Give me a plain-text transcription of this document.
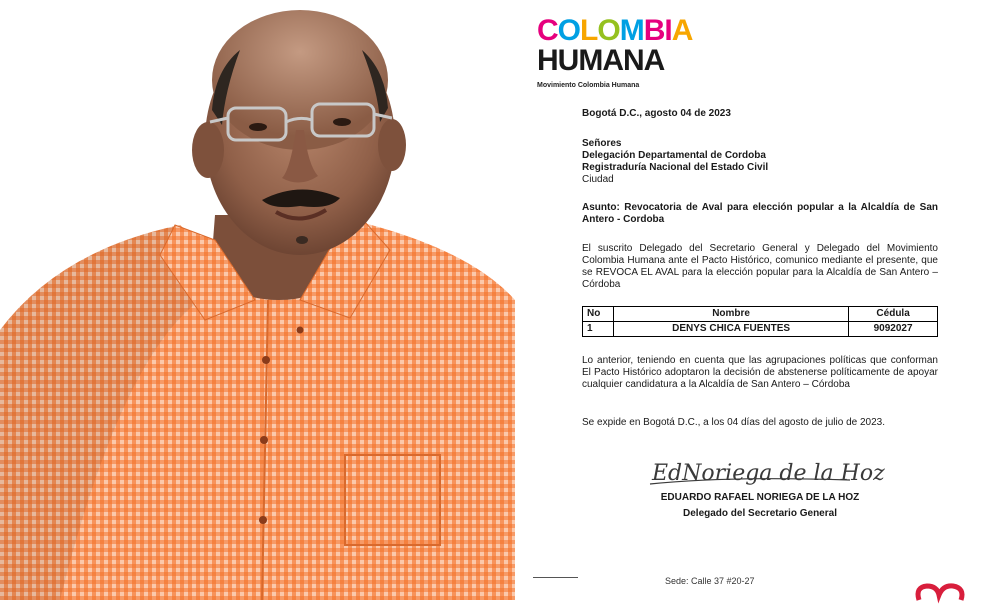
COLOMBIA
HUMANA
Movimiento Colombia Humana
Bogotá D.C., agosto 04 de 2023
Señores
Delegación Departamental de Cordoba
Registraduría Nacional del Estado Civil
Ciudad
Asunto: Revocatoria de Aval para elección popular a la Alcaldía de San Antero - Cordoba
El suscrito Delegado del Secretario General y Delegado del Movimiento Colombia Humana ante el Pacto Histórico, comunico mediante el presente, que se REVOCA EL AVAL para la elección popular para la Alcaldía de San Antero – Córdoba
No	Nombre	Cédula
1	DENYS CHICA FUENTES	9092027
Lo anterior, teniendo en cuenta que las agrupaciones políticas que conforman El Pacto Histórico adoptaron la decisión de abstenerse políticamente de apoyar cualquier candidatura a la Alcaldía de San Antero – Córdoba
Se expide en Bogotá D.C., a los 04 días del agosto de julio de 2023.
EdNoriega de la Hoz
EDUARDO RAFAEL NORIEGA DE LA HOZ
Delegado del Secretario General
Sede: Calle 37 #20-27
